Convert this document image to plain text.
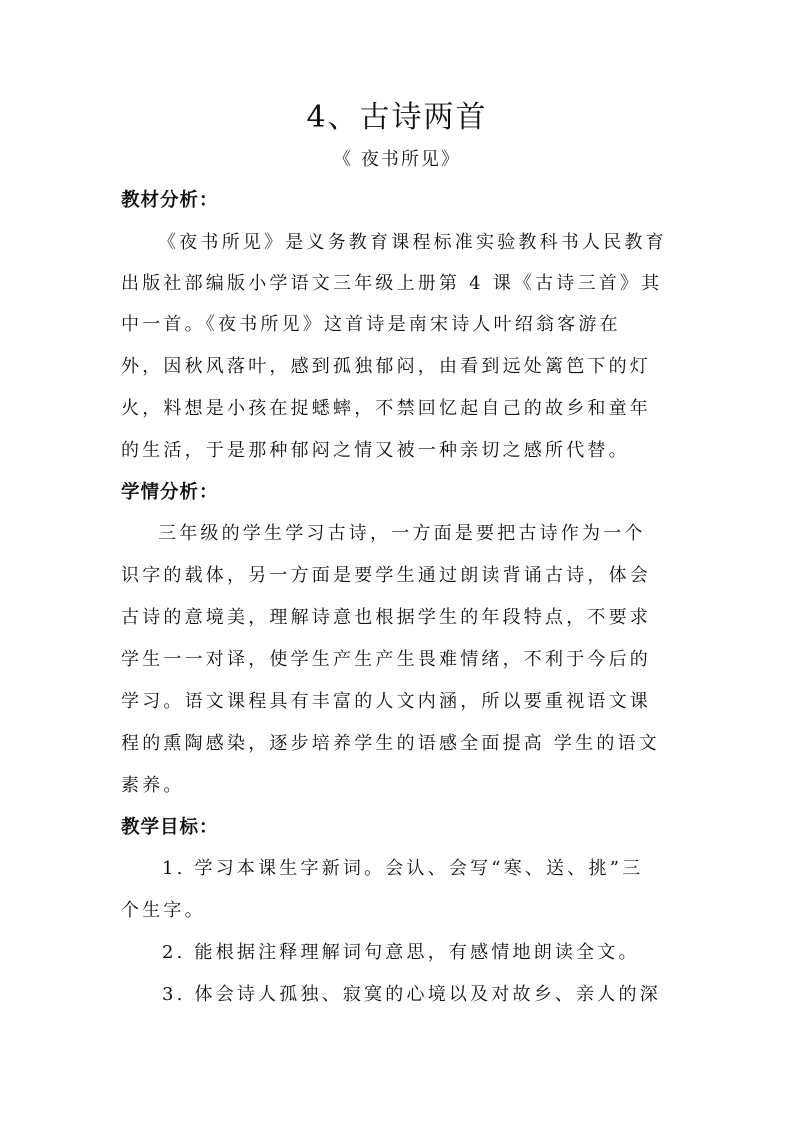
4、古诗两首
《 夜书所见》
教材分析：
《夜书所见》是义务教育课程标准实验教科书人民教育
出版社部编版小学语文三年级上册第 4 课《古诗三首》其
中一首。《夜书所见》这首诗是南宋诗人叶绍翁客游在
外，因秋风落叶，感到孤独郁闷，由看到远处篱笆下的灯
火，料想是小孩在捉蟋蟀，不禁回忆起自己的故乡和童年
的生活，于是那种郁闷之情又被一种亲切之感所代替。
学情分析：
三年级的学生学习古诗，一方面是要把古诗作为一个
识字的载体，另一方面是要学生通过朗读背诵古诗，体会
古诗的意境美，理解诗意也根据学生的年段特点，不要求
学生一一对译，使学生产生产生畏难情绪，不利于今后的
学习。语文课程具有丰富的人文内涵，所以要重视语文课
程的熏陶感染，逐步培养学生的语感全面提高 学生的语文
素养。
教学目标：
1. 学习本课生字新词。会认、会写“寒、送、挑”三
个生字。
2. 能根据注释理解词句意思，有感情地朗读全文。
3. 体会诗人孤独、寂寞的心境以及对故乡、亲人的深
